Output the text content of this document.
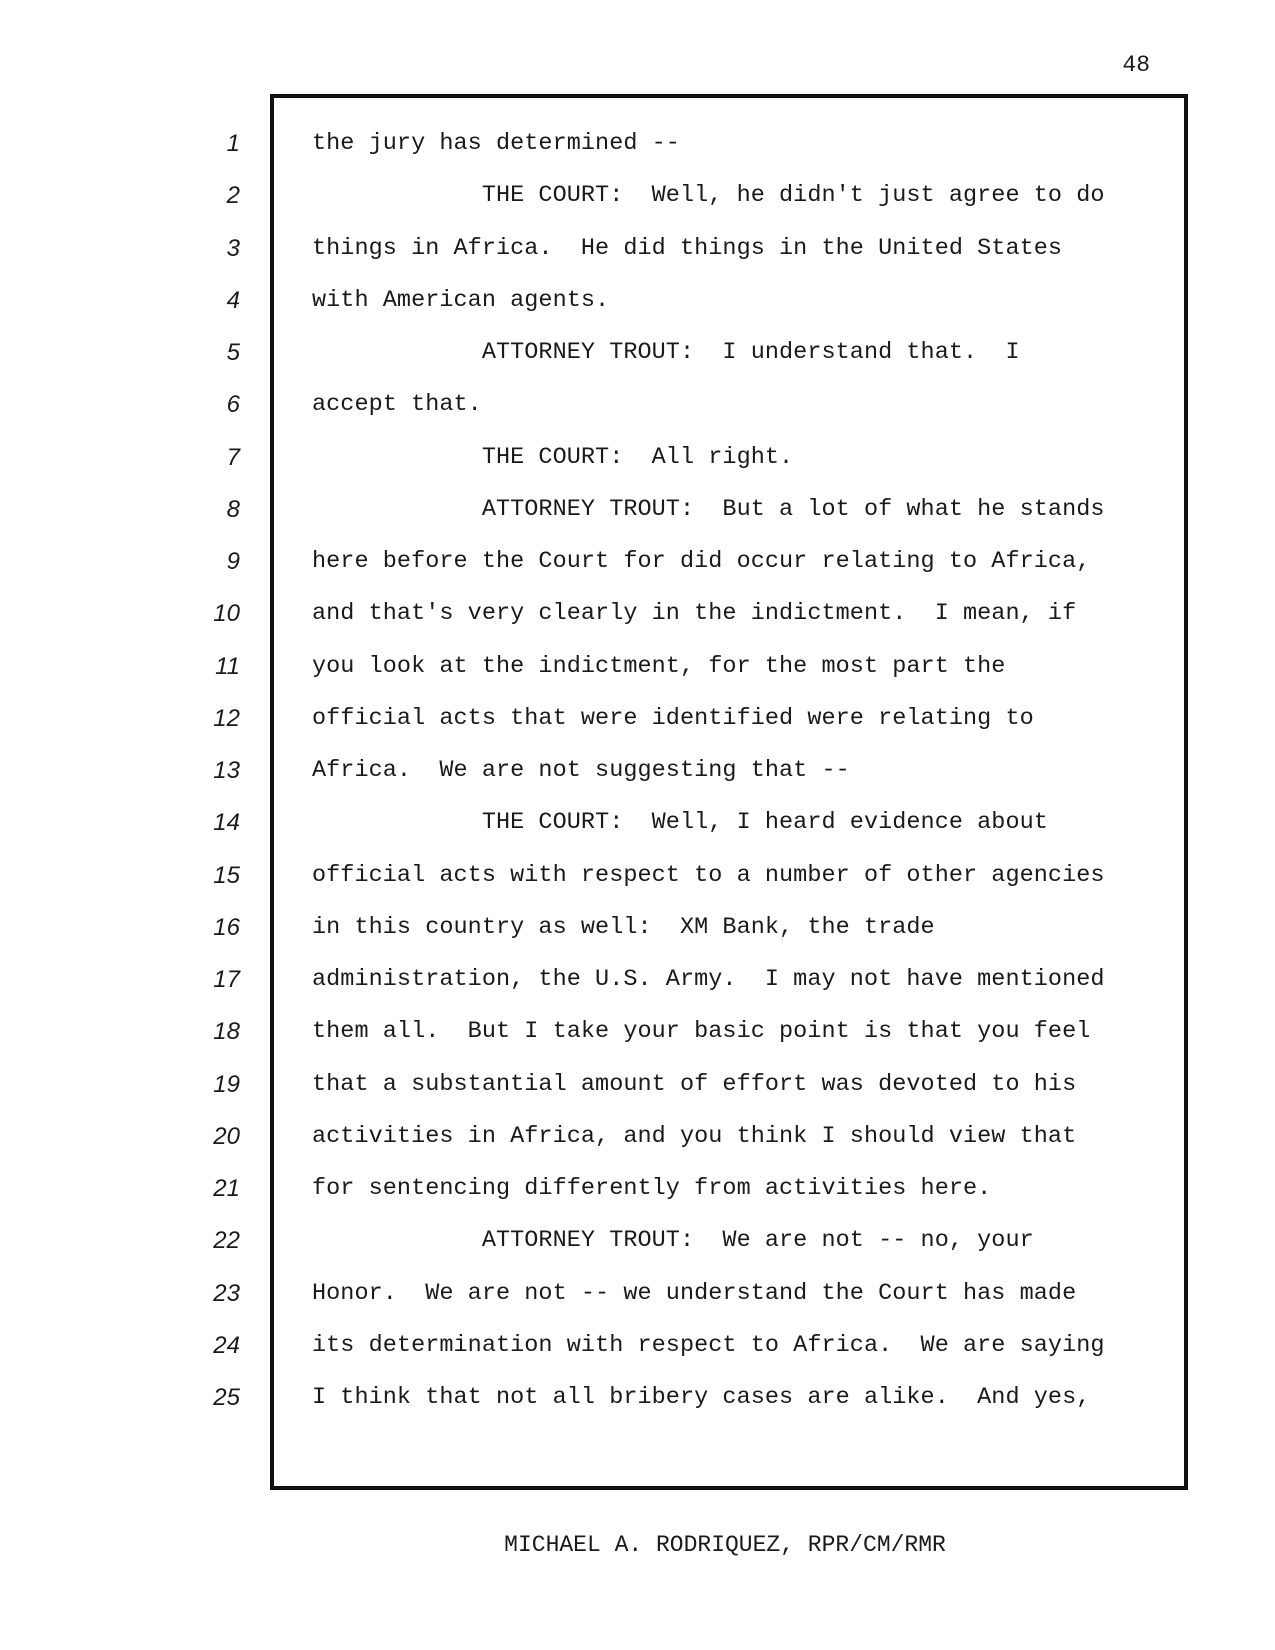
48
1	the jury has determined --
2	THE COURT:  Well, he didn't just agree to do
3	things in Africa.  He did things in the United States
4	with American agents.
5	ATTORNEY TROUT:  I understand that.  I
6	accept that.
7	THE COURT:  All right.
8	ATTORNEY TROUT:  But a lot of what he stands
9	here before the Court for did occur relating to Africa,
10	and that's very clearly in the indictment.  I mean, if
11	you look at the indictment, for the most part the
12	official acts that were identified were relating to
13	Africa.  We are not suggesting that --
14	THE COURT:  Well, I heard evidence about
15	official acts with respect to a number of other agencies
16	in this country as well:  XM Bank, the trade
17	administration, the U.S. Army.  I may not have mentioned
18	them all.  But I take your basic point is that you feel
19	that a substantial amount of effort was devoted to his
20	activities in Africa, and you think I should view that
21	for sentencing differently from activities here.
22	ATTORNEY TROUT:  We are not -- no, your
23	Honor.  We are not -- we understand the Court has made
24	its determination with respect to Africa.  We are saying
25	I think that not all bribery cases are alike.  And yes,
MICHAEL A. RODRIQUEZ, RPR/CM/RMR
